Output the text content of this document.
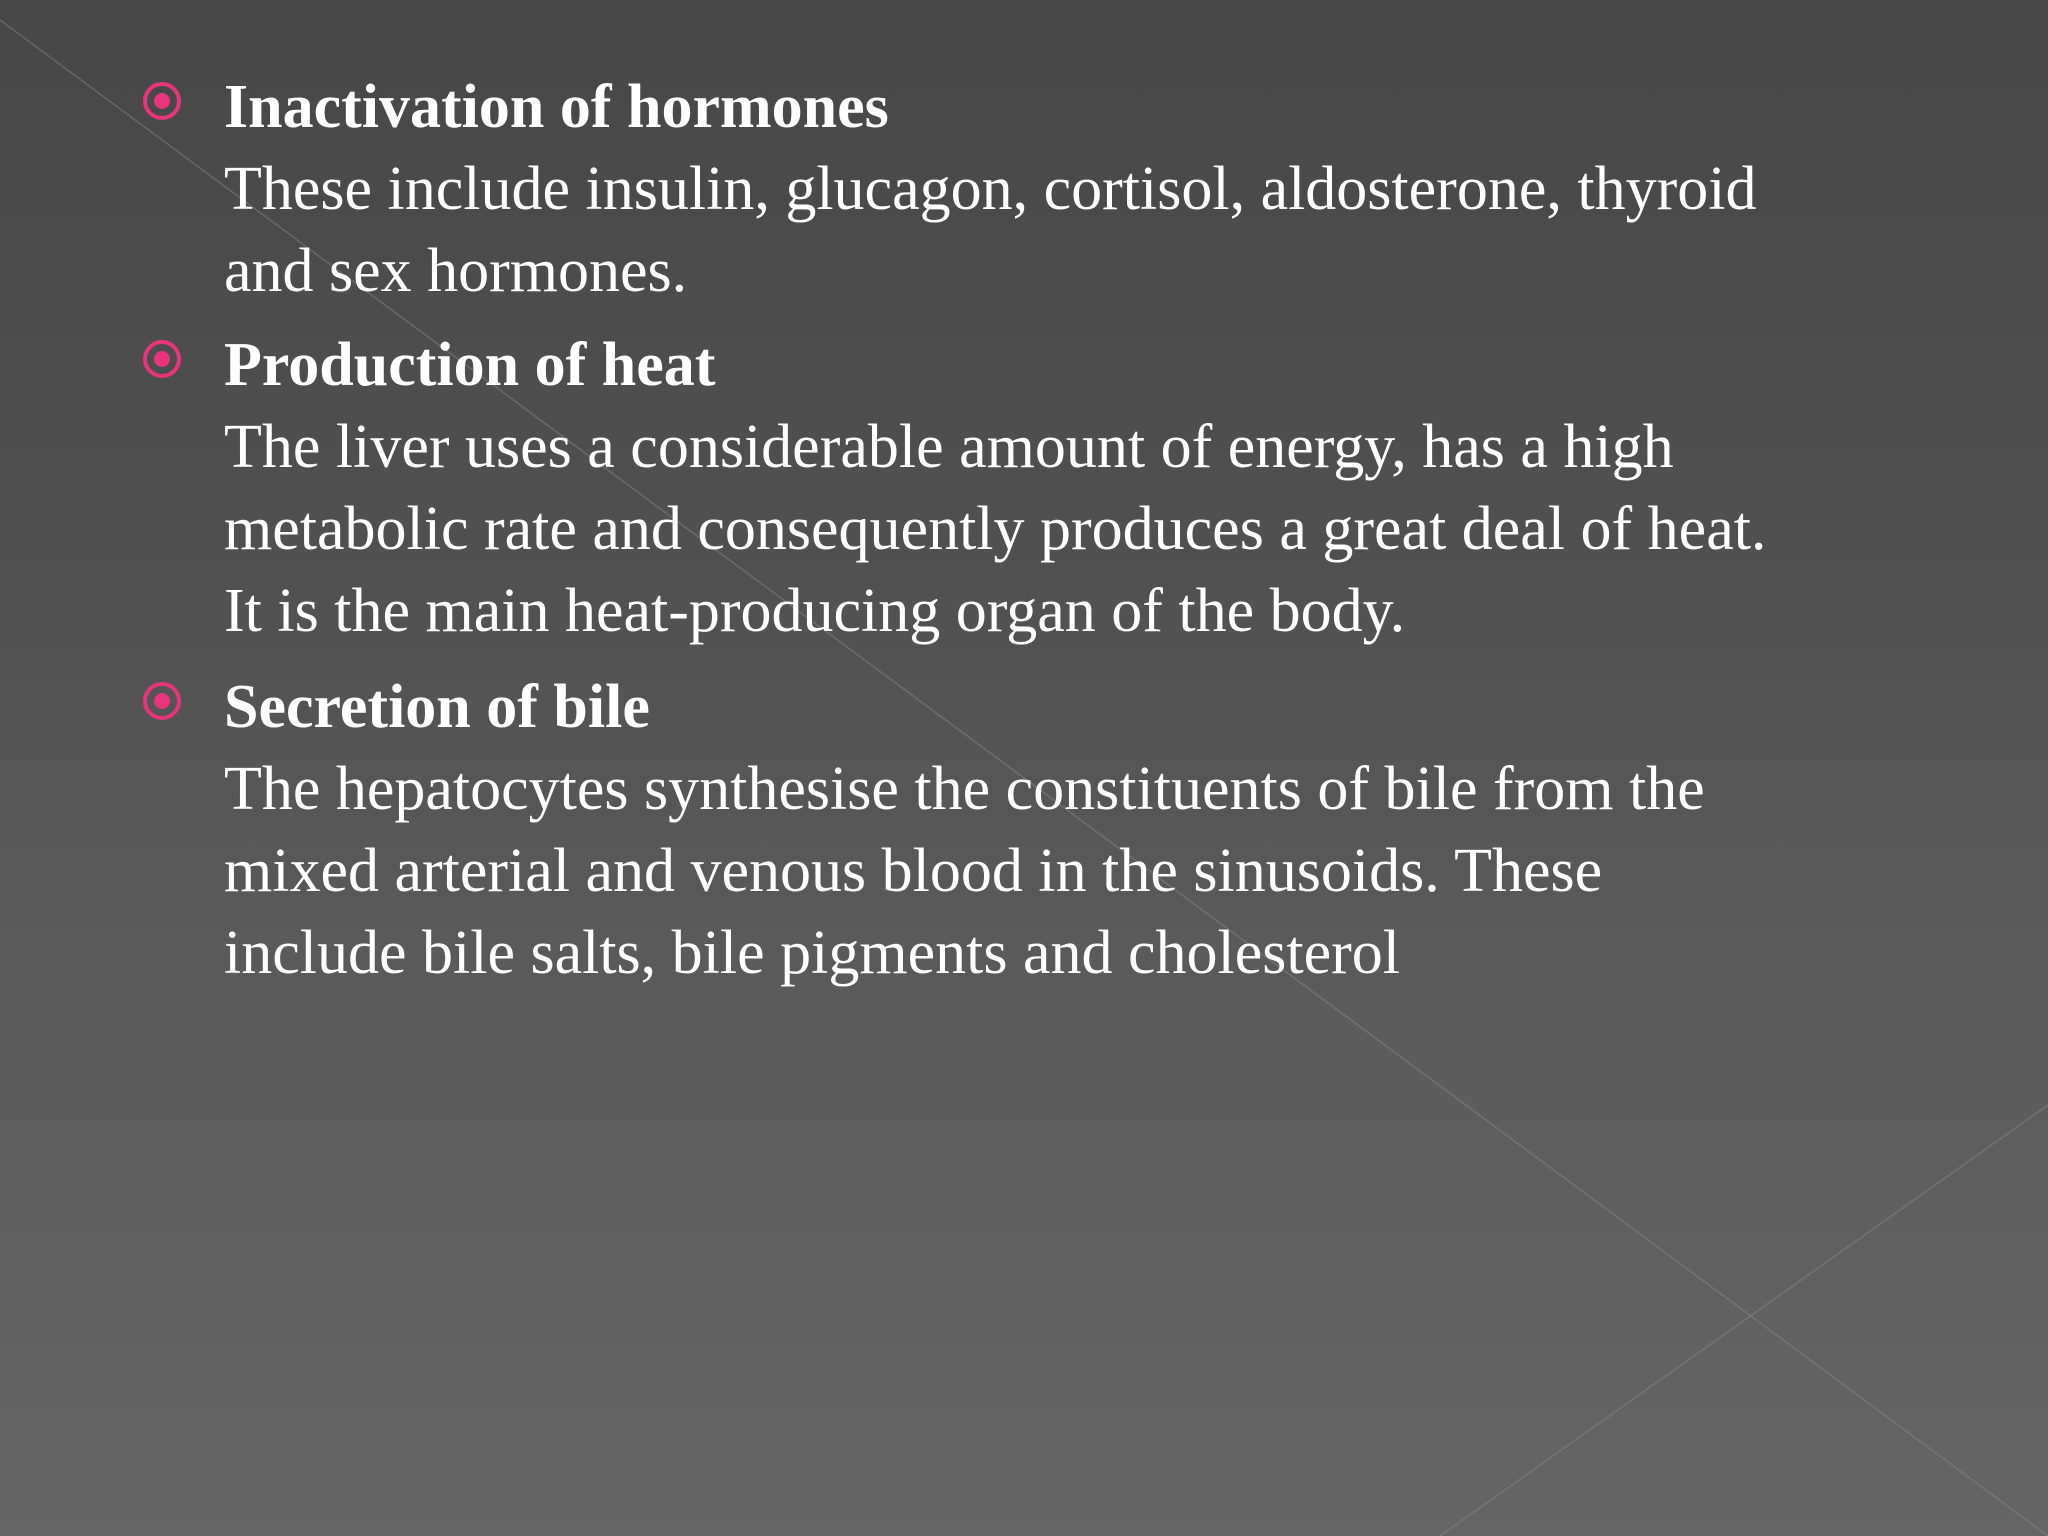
Inactivation of hormones
These include insulin, glucagon, cortisol, aldosterone, thyroid
and sex hormones.
Production of heat
The liver uses a considerable amount of energy, has a high
metabolic rate and consequently produces a great deal of heat.
It is the main heat-producing organ of the body.
Secretion of bile
The hepatocytes synthesise the constituents of bile from the
mixed arterial and venous blood in the sinusoids. These
include bile salts, bile pigments and cholesterol
